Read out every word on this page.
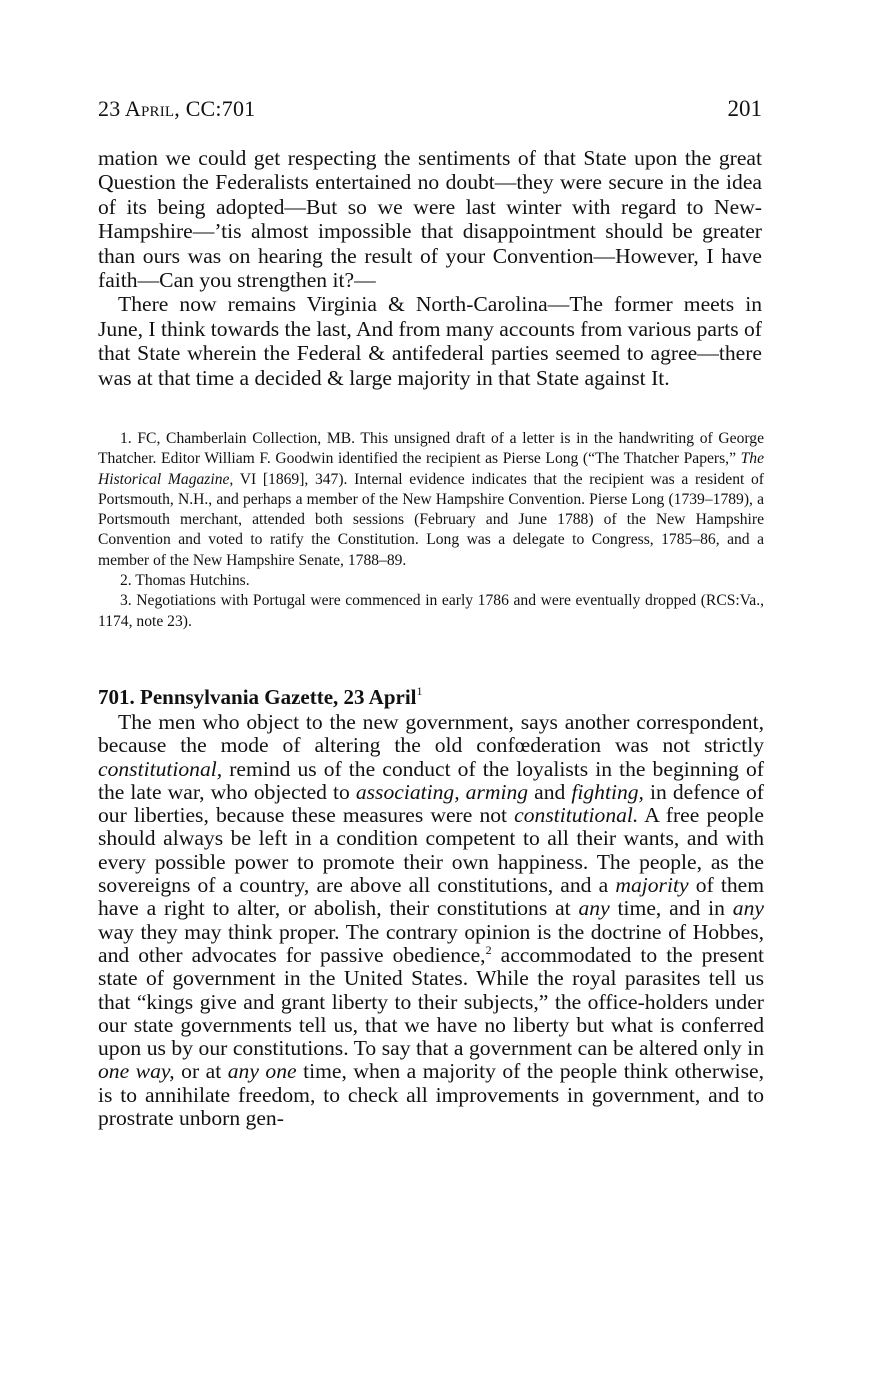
23 April, CC:701	201

mation we could get respecting the sentiments of that State upon the great Question the Federalists entertained no doubt—they were secure in the idea of its being adopted—But so we were last winter with regard to New-Hampshire—’tis almost impossible that disappointment should be greater than ours was on hearing the result of your Convention—However, I have faith—Can you strengthen it?—

There now remains Virginia & North-Carolina—The former meets in June, I think towards the last, And from many accounts from various parts of that State wherein the Federal & antifederal parties seemed to agree—there was at that time a decided & large majority in that State against It.

1. FC, Chamberlain Collection, MB. This unsigned draft of a letter is in the handwriting of George Thatcher. Editor William F. Goodwin identified the recipient as Pierse Long (“The Thatcher Papers,” The Historical Magazine, VI [1869], 347). Internal evidence indicates that the recipient was a resident of Portsmouth, N.H., and perhaps a member of the New Hampshire Convention. Pierse Long (1739–1789), a Portsmouth merchant, attended both sessions (February and June 1788) of the New Hampshire Convention and voted to ratify the Constitution. Long was a delegate to Congress, 1785–86, and a member of the New Hampshire Senate, 1788–89.

2. Thomas Hutchins.

3. Negotiations with Portugal were commenced in early 1786 and were eventually dropped (RCS:Va., 1174, note 23).

701. Pennsylvania Gazette, 23 April$^1$

The men who object to the new government, says another correspondent, because the mode of altering the old confœderation was not strictly constitutional, remind us of the conduct of the loyalists in the beginning of the late war, who objected to associating, arming and fighting, in defence of our liberties, because these measures were not constitutional. A free people should always be left in a condition competent to all their wants, and with every possible power to promote their own happiness. The people, as the sovereigns of a country, are above all constitutions, and a majority of them have a right to alter, or abolish, their constitutions at any time, and in any way they may think proper. The contrary opinion is the doctrine of Hobbes, and other advocates for passive obedience,$^2$ accommodated to the present state of government in the United States. While the royal parasites tell us that “kings give and grant liberty to their subjects,” the office-holders under our state governments tell us, that we have no liberty but what is conferred upon us by our constitutions. To say that a government can be altered only in one way, or at any one time, when a majority of the people think otherwise, is to annihilate freedom, to check all improvements in government, and to prostrate unborn gen-
